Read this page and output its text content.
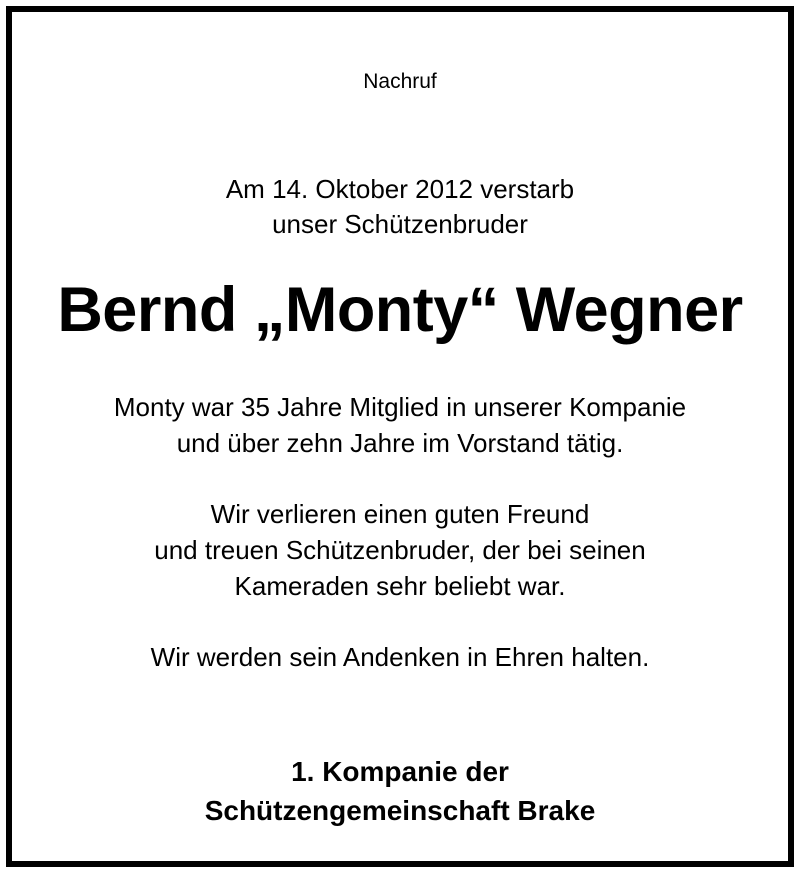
Nachruf
Am 14. Oktober 2012 verstarb
unser Schützenbruder
Bernd „Monty“ Wegner
Monty war 35 Jahre Mitglied in unserer Kompanie
und über zehn Jahre im Vorstand tätig.
Wir verlieren einen guten Freund
und treuen Schützenbruder, der bei seinen
Kameraden sehr beliebt war.
Wir werden sein Andenken in Ehren halten.
1. Kompanie der
Schützengemeinschaft Brake
